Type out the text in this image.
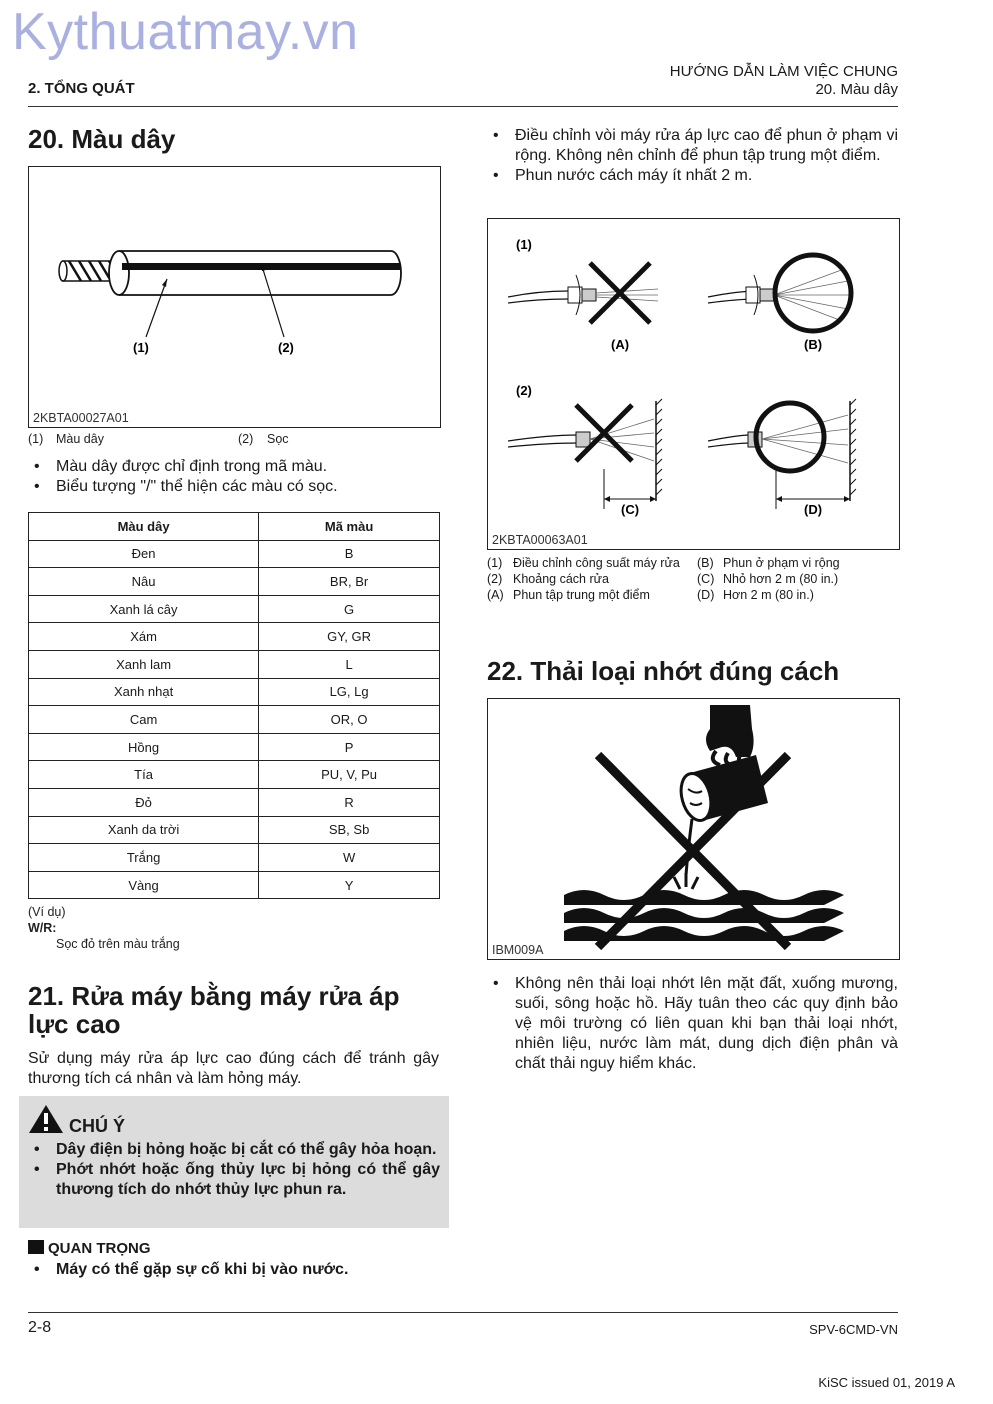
Kythuatmay.vn
2. TỔNG QUÁT
HƯỚNG DẪN LÀM VIỆC CHUNG
20. Màu dây
20. Màu dây
(1)	(2)
2KBTA00027A01
(1) Màu dây	(2) Sọc
• Màu dây được chỉ định trong mã màu.
• Biểu tượng "/" thể hiện các màu có sọc.
Màu dây	Mã màu
Đen	B
Nâu	BR, Br
Xanh lá cây	G
Xám	GY, GR
Xanh lam	L
Xanh nhạt	LG, Lg
Cam	OR, O
Hồng	P
Tía	PU, V, Pu
Đỏ	R
Xanh da trời	SB, Sb
Trắng	W
Vàng	Y
(Ví dụ)
W/R:
Sọc đỏ trên màu trắng
21. Rửa máy bằng máy rửa áp
lực cao
Sử dụng máy rửa áp lực cao đúng cách để tránh gây thương tích cá nhân và làm hỏng máy.
CHÚ Ý
• Dây điện bị hỏng hoặc bị cắt có thể gây hỏa hoạn.
• Phớt nhớt hoặc ống thủy lực bị hỏng có thể gây thương tích do nhớt thủy lực phun ra.
QUAN TRỌNG
• Máy có thể gặp sự cố khi bị vào nước.
• Điều chỉnh vòi máy rửa áp lực cao để phun ở phạm vi rộng. Không nên chỉnh để phun tập trung một điểm.
• Phun nước cách máy ít nhất 2 m.
(1)
(2)
(A)	(B)
(C)	(D)
2KBTA00063A01
(1) Điều chỉnh công suất máy rửa	(B) Phun ở phạm vi rộng
(2) Khoảng cách rửa	(C) Nhỏ hơn 2 m (80 in.)
(A) Phun tập trung một điểm	(D) Hơn 2 m (80 in.)
22. Thải loại nhớt đúng cách
IBM009A
• Không nên thải loại nhớt lên mặt đất, xuống mương, suối, sông hoặc hồ. Hãy tuân theo các quy định bảo vệ môi trường có liên quan khi bạn thải loại nhớt, nhiên liệu, nước làm mát, dung dịch điện phân và chất thải nguy hiểm khác.
2-8	SPV-6CMD-VN
KiSC issued 01, 2019 A
